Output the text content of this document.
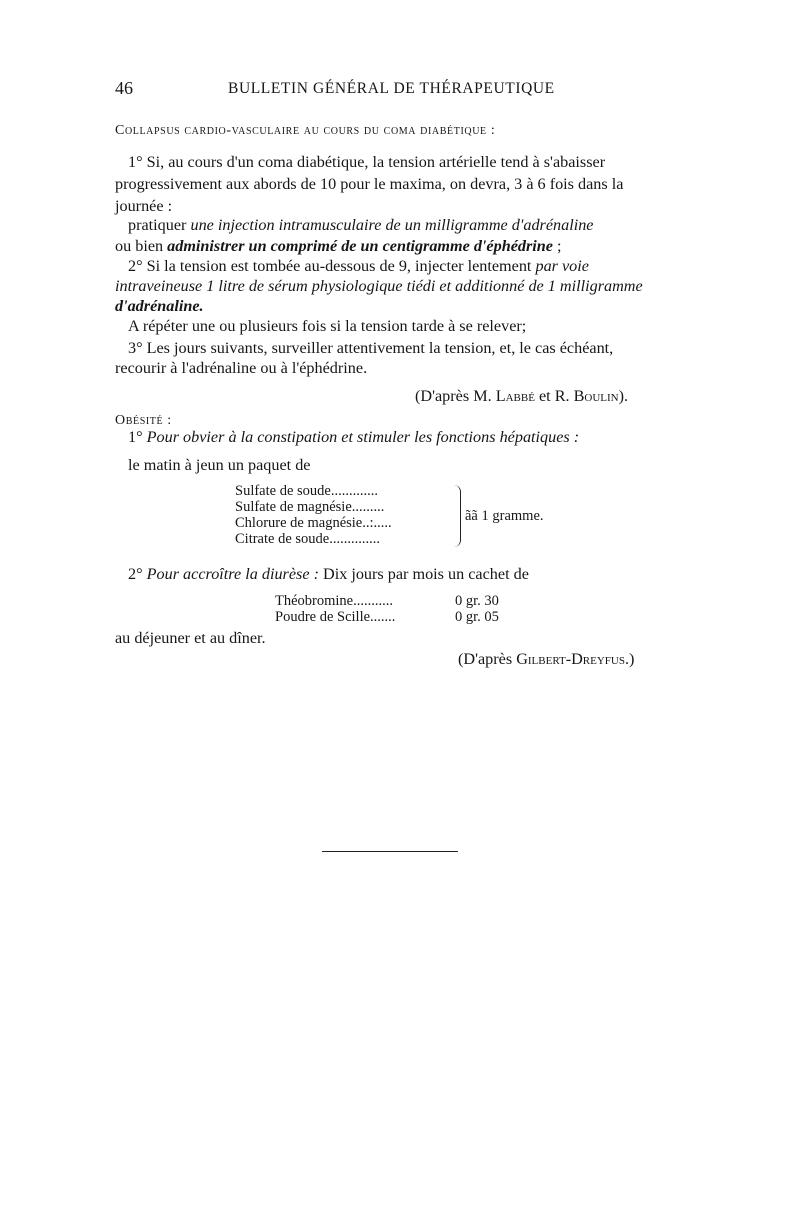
46	BULLETIN GÉNÉRAL DE THÉRAPEUTIQUE
Collapsus cardio-vasculaire au cours du coma diabétique :
1° Si, au cours d'un coma diabétique, la tension artérielle tend à s'abaisser
progressivement aux abords de 10 pour le maxima, on devra, 3 à 6 fois dans la
journée :
pratiquer une injection intramusculaire de un milligramme d'adrénaline
ou bien administrer un comprimé de un centigramme d'éphédrine ;
2° Si la tension est tombée au-dessous de 9, injecter lentement par voie
intraveineuse 1 litre de sérum physiologique tiédi et additionné de 1 milligramme
d'adrénaline.
A répéter une ou plusieurs fois si la tension tarde à se relever;
3° Les jours suivants, surveiller attentivement la tension, et, le cas échéant,
recourir à l'adrénaline ou à l'éphédrine.
(D'après M. Labbé et R. Boulin).
Obésité :
1° Pour obvier à la constipation et stimuler les fonctions hépatiques :
le matin à jeun un paquet de
Sulfate de soude.............
Sulfate de magnésie.........
Chlorure de magnésie..:.....
Citrate de soude..............
ãã 1 gramme.
2° Pour accroître la diurèse : Dix jours par mois un cachet de
Théobromine...........	0 gr. 30
Poudre de Scille.......	0 gr. 05
au déjeuner et au dîner.
(D'après Gilbert-Dreyfus.)
